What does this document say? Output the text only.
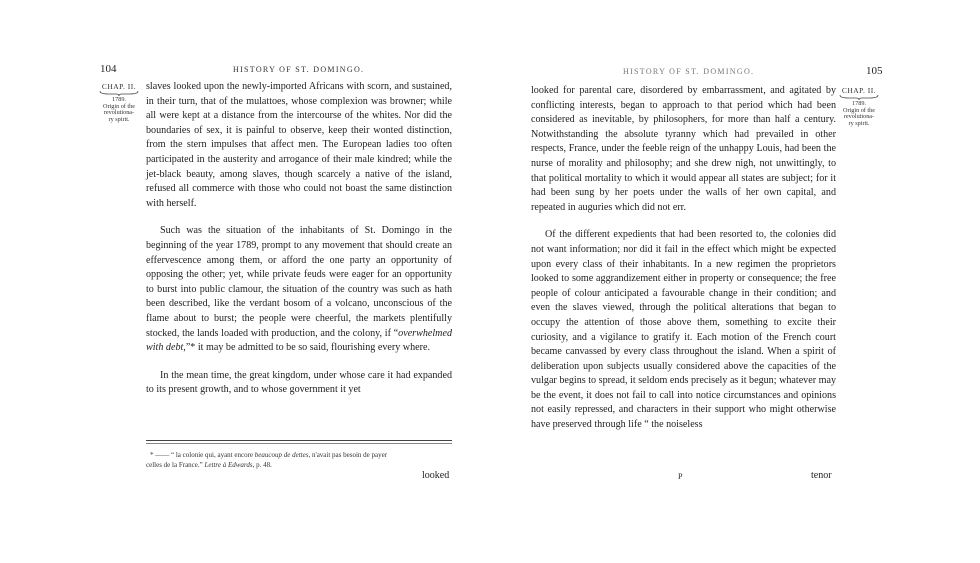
104	HISTORY OF ST. DOMINGO.
CHAP. II.
1789.
Origin of the
revolutiona-
ry spirit.

slaves looked upon the newly-imported Africans with scorn, and sustained, in their turn, that of the mulattoes, whose complexion was browner; while all were kept at a distance from the intercourse of the whites. Nor did the boundaries of sex, it is painful to observe, keep their wonted distinction, from the stern impulses that affect men. The European ladies too often participated in the austerity and arrogance of their male kindred; while the jet-black beauty, among slaves, though scarcely a native of the island, refused all commerce with those who could not boast the same distinction with herself.

Such was the situation of the inhabitants of St. Domingo in the beginning of the year 1789, prompt to any movement that should create an effervescence among them, or afford the one party an opportunity of opposing the other; yet, while private feuds were eager for an opportunity to burst into public clamour, the situation of the country was such as hath been described, like the verdant bosom of a volcano, unconscious of the flame about to burst; the people were cheerful, the markets plentifully stocked, the lands loaded with production, and the colony, if “overwhelmed with debt,”* it may be admitted to be so said, flourishing every where.

In the mean time, the great kingdom, under whose care it had expanded to its present growth, and to whose government it yet

* —— “ la colonie qui, ayant encore beaucoup de dettes, n'avait pas besoin de payer
celles de la France.” Lettre à Edwards, p. 48.
looked
HISTORY OF ST. DOMINGO.	105
CHAP. II.
1789.
Origin of the
revolutiona-
ry spirit.

looked for parental care, disordered by embarrassment, and agitated by conflicting interests, began to approach to that period which had been considered as inevitable, by philosophers, for more than half a century. Notwithstanding the absolute tyranny which had prevailed in other respects, France, under the feeble reign of the unhappy Louis, had been the nurse of morality and philosophy; and she drew nigh, not unwittingly, to that political mortality to which it would appear all states are subject; for it had been sung by her poets under the walls of her own capital, and repeated in auguries which did not err.

Of the different expedients that had been resorted to, the colonies did not want information; nor did it fail in the effect which might be expected upon every class of their inhabitants. In a new regimen the proprietors looked to some aggrandizement either in property or consequence; the free people of colour anticipated a favourable change in their condition; and even the slaves viewed, through the political alterations that began to occupy the attention of those above them, something to excite their curiosity, and a vigilance to gratify it. Each motion of the French court became canvassed by every class throughout the island. When a spirit of deliberation upon subjects usually considered above the capacities of the vulgar begins to spread, it seldom ends precisely as it begun; whatever may be the event, it does not fail to call into notice circumstances and opinions not easily repressed, and characters in their support who might otherwise have preserved through life “ the noiseless

P	tenor
